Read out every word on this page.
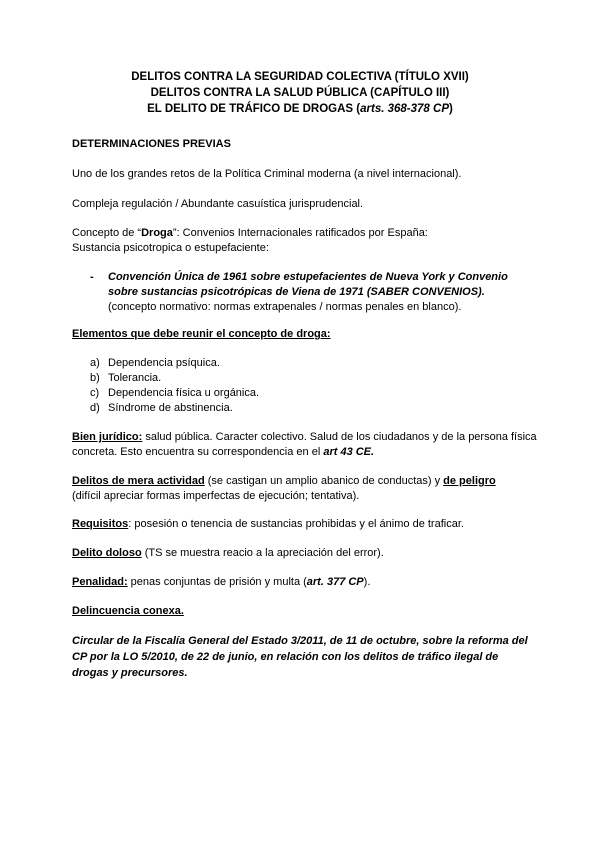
DELITOS CONTRA LA SEGURIDAD COLECTIVA (TÍTULO XVII)
DELITOS CONTRA LA SALUD PÚBLICA (CAPÍTULO III)
EL DELITO DE TRÁFICO DE DROGAS (arts. 368-378 CP)
DETERMINACIONES PREVIAS
Uno de los grandes retos de la Política Criminal moderna (a nivel internacional).
Compleja regulación / Abundante casuística jurisprudencial.
Concepto de “Droga”: Convenios Internacionales ratificados por España:
Sustancia psicotropica o estupefaciente:
- Convención Única de 1961 sobre estupefacientes de Nueva York y Convenio sobre sustancias psicotrópicas de Viena de 1971 (SABER CONVENIOS).
(concepto normativo: normas extrapenales / normas penales en blanco).
Elementos que debe reunir el concepto de droga:
a) Dependencia psíquica.
b) Tolerancia.
c) Dependencia física u orgánica.
d) Síndrome de abstinencia.
Bien jurídico: salud pública. Caracter colectivo. Salud de los ciudadanos y de la persona física concreta. Esto encuentra su correspondencia en el art 43 CE.
Delitos de mera actividad (se castigan un amplio abanico de conductas) y de peligro
(difícil apreciar formas imperfectas de ejecución; tentativa).
Requisitos: posesión o tenencia de sustancias prohibidas y el ánimo de traficar.
Delito doloso (TS se muestra reacio a la apreciación del error).
Penalidad: penas conjuntas de prisión y multa (art. 377 CP).
Delincuencia conexa.
Circular de la Fiscalía General del Estado 3/2011, de 11 de octubre, sobre la reforma del CP por la LO 5/2010, de 22 de junio, en relación con los delitos de tráfico ilegal de drogas y precursores.
